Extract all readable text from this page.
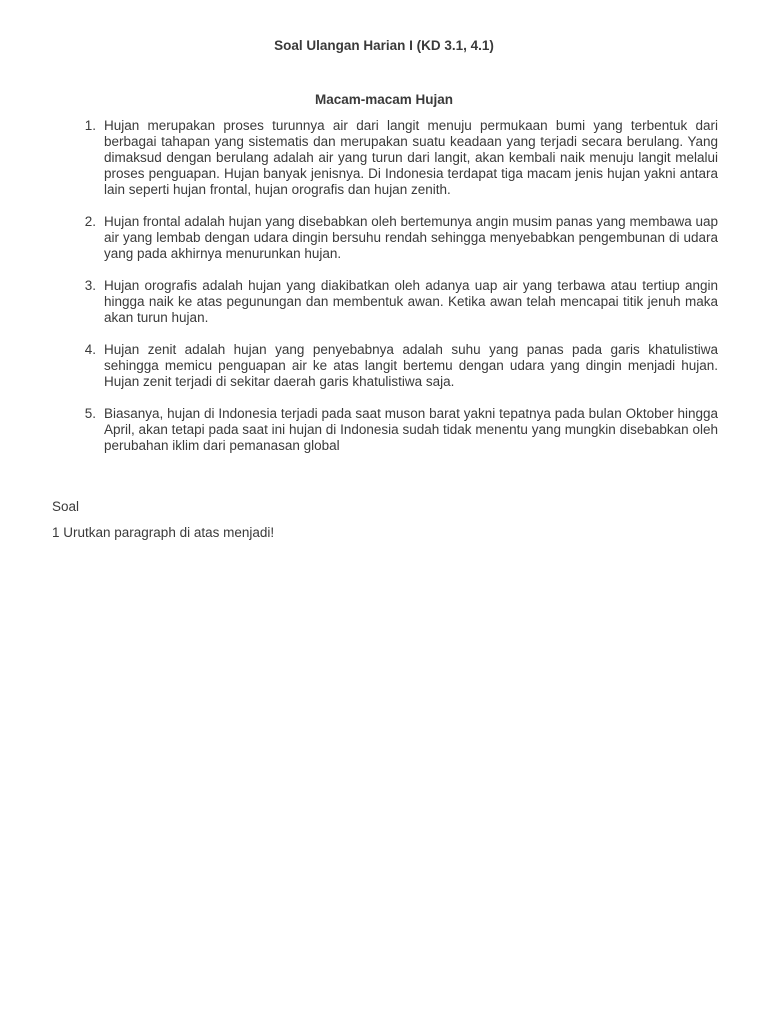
Soal Ulangan Harian I (KD 3.1, 4.1)
Macam-macam Hujan
1. Hujan merupakan proses turunnya air dari langit menuju permukaan bumi yang terbentuk dari berbagai tahapan yang sistematis dan merupakan suatu keadaan yang terjadi secara berulang. Yang dimaksud dengan berulang adalah air yang turun dari langit, akan kembali naik menuju langit melalui proses penguapan. Hujan banyak jenisnya. Di Indonesia terdapat tiga macam jenis hujan yakni antara lain seperti hujan frontal, hujan orografis dan hujan zenith.
2. Hujan frontal adalah hujan yang disebabkan oleh bertemunya angin musim panas yang membawa uap air yang lembab dengan udara dingin bersuhu rendah sehingga menyebabkan pengembunan di udara yang pada akhirnya menurunkan hujan.
3. Hujan orografis adalah hujan yang diakibatkan oleh adanya uap air yang terbawa atau tertiup angin hingga naik ke atas pegunungan dan membentuk awan. Ketika awan telah mencapai titik jenuh maka akan turun hujan.
4. Hujan zenit adalah hujan yang penyebabnya adalah suhu yang panas pada garis khatulistiwa sehingga memicu penguapan air ke atas langit bertemu dengan udara yang dingin menjadi hujan. Hujan zenit terjadi di sekitar daerah garis khatulistiwa saja.
5. Biasanya, hujan di Indonesia terjadi pada saat muson barat yakni tepatnya pada bulan Oktober hingga April, akan tetapi pada saat ini hujan di Indonesia sudah tidak menentu yang mungkin disebabkan oleh perubahan iklim dari pemanasan global

Soal

1 Urutkan paragraph di atas menjadi!
